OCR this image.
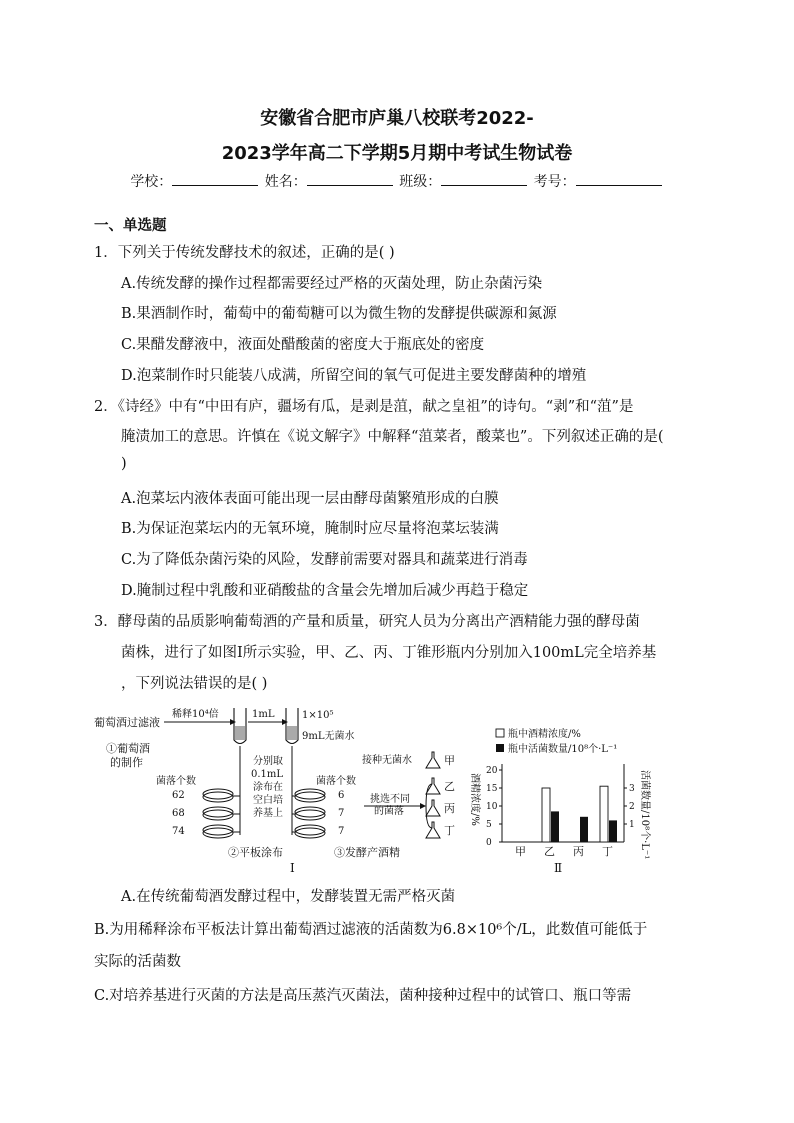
安徽省合肥市庐巢八校联考2022-
2023学年高二下学期5月期中考试生物试卷
学校：	姓名：	班级：	考号：
一、单选题
1．下列关于传统发酵技术的叙述，正确的是( )
A.传统发酵的操作过程都需要经过严格的灭菌处理，防止杂菌污染
B.果酒制作时，葡萄中的葡萄糖可以为微生物的发酵提供碳源和氮源
C.果醋发酵液中，液面处醋酸菌的密度大于瓶底处的密度
D.泡菜制作时只能装八成满，所留空间的氧气可促进主要发酵菌种的增殖
2．《诗经》中有“中田有庐，疆场有瓜，是剥是菹，献之皇祖”的诗句。“剥”和“菹”是
腌渍加工的意思。许慎在《说文解字》中解释“菹菜者，酸菜也”。下列叙述正确的是(
)
A.泡菜坛内液体表面可能出现一层由酵母菌繁殖形成的白膜
B.为保证泡菜坛内的无氧环境，腌制时应尽量将泡菜坛装满
C.为了降低杂菌污染的风险，发酵前需要对器具和蔬菜进行消毒
D.腌制过程中乳酸和亚硝酸盐的含量会先增加后减少再趋于稳定
3．酵母菌的品质影响葡萄酒的产量和质量，研究人员为分离出产酒精能力强的酵母菌
菌株，进行了如图Ⅰ所示实验，甲、乙、丙、丁锥形瓶内分别加入100mL完全培养基
，下列说法错误的是( )
葡萄酒过滤液
稀释10⁴倍	1mL	1×10⁵
9mL无菌水
①葡萄酒
的制作	分别取
0.1mL
涂布在
空白培
养基上
菌落个数	菌落个数
62
68
74
6
7
7
②平板涂布
接种无菌水
挑选不同
的菌落
甲
乙
丙
丁
③发酵产酒精
Ⅰ
瓶中酒精浓度/%
瓶中活菌数量/10⁸个·L⁻¹
酒精浓度/%	活菌数量/10⁸个·L⁻¹
甲 乙 丙 丁
20
15
10
5
0
3
2
1
Ⅱ
A.在传统葡萄酒发酵过程中，发酵装置无需严格灭菌
B.为用稀释涂布平板法计算出葡萄酒过滤液的活菌数为6.8×10⁶个/L，此数值可能低于
实际的活菌数
C.对培养基进行灭菌的方法是高压蒸汽灭菌法，菌种接种过程中的试管口、瓶口等需
